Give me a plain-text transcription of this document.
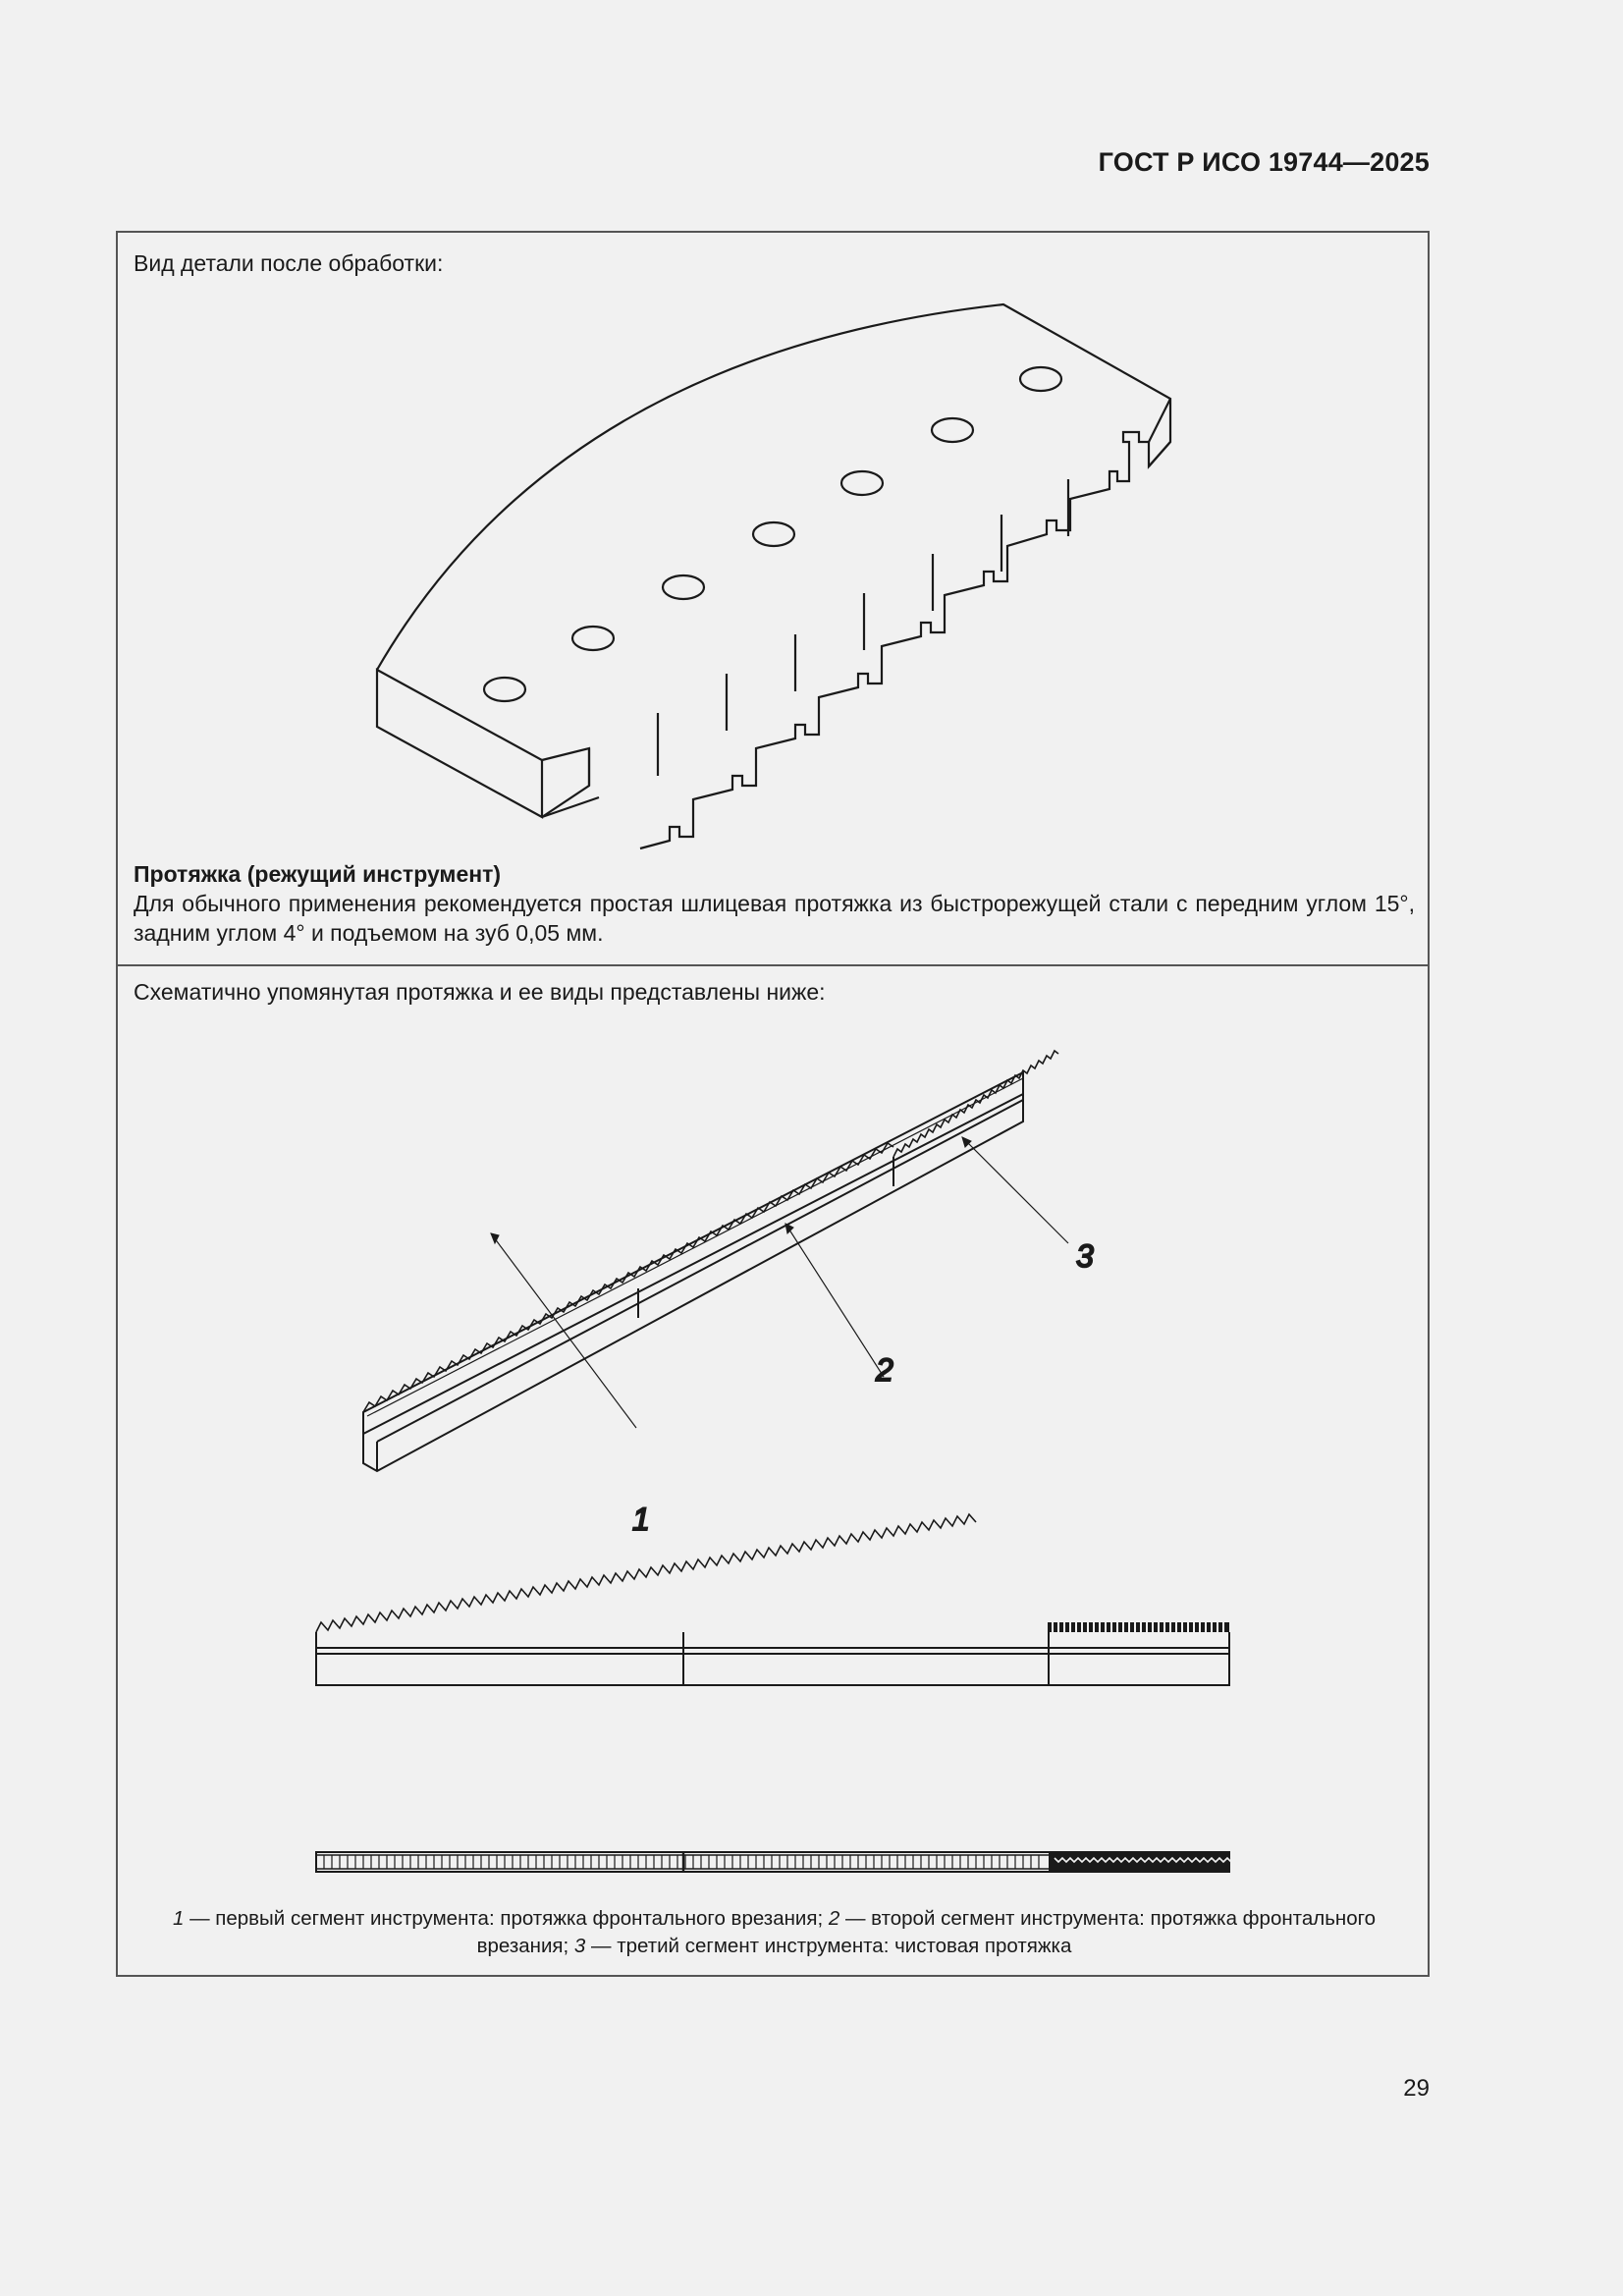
ГОСТ Р ИСО 19744—2025
Вид детали после обработки:
Протяжка (режущий инструмент)
Для обычного применения рекомендуется простая шлицевая протяжка из быстрорежущей стали с передним углом 15°, задним углом 4° и подъемом на зуб 0,05 мм.
Схематично упомянутая протяжка и ее виды представлены ниже:
1 — первый сегмент инструмента: протяжка фронтального врезания; 2 — второй сегмент инструмента: протяжка фронтального врезания; 3 — третий сегмент инструмента: чистовая протяжка
1
2
3
29
